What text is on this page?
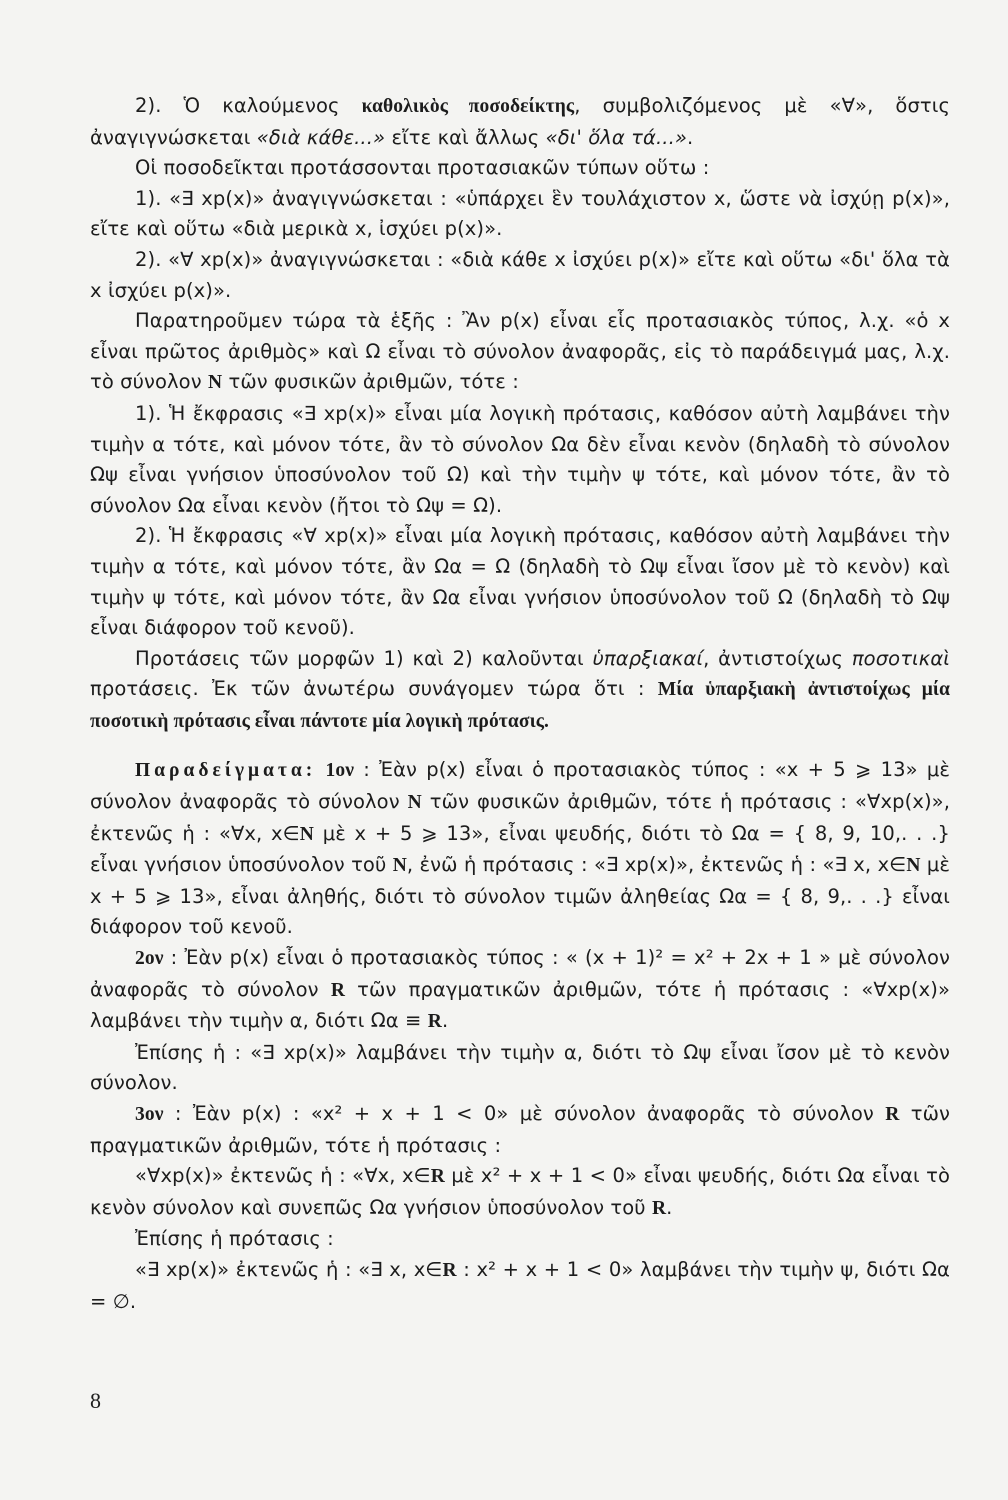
2). Ὁ καλούμενος καθολικὸς ποσοδείκτης, συμβολιζόμενος μὲ «∀», ὅστις ἀναγιγνώσκεται «διὰ κάθε...» εἴτε καὶ ἄλλως «δι' ὅλα τά...».

Οἱ ποσοδεῖκται προτάσσονται προτασιακῶν τύπων οὕτω :

1). «∃ xp(x)» ἀναγιγνώσκεται : «ὑπάρχει ἓν τουλάχιστον x, ὥστε νὰ ἰσχύῃ p(x)», εἴτε καὶ οὕτω «διὰ μερικὰ x, ἰσχύει p(x)».

2). «∀ xp(x)» ἀναγιγνώσκεται : «διὰ κάθε x ἰσχύει p(x)» εἴτε καὶ οὕτω «δι' ὅλα τὰ x ἰσχύει p(x)».

Παρατηροῦμεν τώρα τὰ ἑξῆς : Ἂν p(x) εἶναι εἷς προτασιακὸς τύπος, λ.χ. «ὁ x εἶναι πρῶτος ἀριθμὸς» καὶ Ω εἶναι τὸ σύνολον ἀναφορᾶς, εἰς τὸ παράδειγμά μας, λ.χ. τὸ σύνολον N τῶν φυσικῶν ἀριθμῶν, τότε :

1). Ἡ ἔκφρασις «∃ xp(x)» εἶναι μία λογικὴ πρότασις, καθόσον αὐτὴ λαμβάνει τὴν τιμὴν α τότε, καὶ μόνον τότε, ἂν τὸ σύνολον Ωα δὲν εἶναι κενὸν (δηλαδὴ τὸ σύνολον Ωψ εἶναι γνήσιον ὑποσύνολον τοῦ Ω) καὶ τὴν τιμὴν ψ τότε, καὶ μόνον τότε, ἂν τὸ σύνολον Ωα εἶναι κενὸν (ἤτοι τὸ Ωψ = Ω).

2). Ἡ ἔκφρασις «∀ xp(x)» εἶναι μία λογικὴ πρότασις, καθόσον αὐτὴ λαμβάνει τὴν τιμὴν α τότε, καὶ μόνον τότε, ἂν Ωα = Ω (δηλαδὴ τὸ Ωψ εἶναι ἴσον μὲ τὸ κενὸν) καὶ τιμὴν ψ τότε, καὶ μόνον τότε, ἂν Ωα εἶναι γνήσιον ὑποσύνολον τοῦ Ω (δηλαδὴ τὸ Ωψ εἶναι διάφορον τοῦ κενοῦ).

Προτάσεις τῶν μορφῶν 1) καὶ 2) καλοῦνται ὑπαρξιακαί, ἀντιστοίχως ποσοτικαὶ προτάσεις. Ἐκ τῶν ἀνωτέρω συνάγομεν τώρα ὅτι : Μία ὑπαρξιακὴ ἀντιστοίχως μία ποσοτικὴ πρότασις εἶναι πάντοτε μία λογικὴ πρότασις.

Παραδείγματα: 1ον : Ἐὰν p(x) εἶναι ὁ προτασιακὸς τύπος : «x + 5 ⩾ 13» μὲ σύνολον ἀναφορᾶς τὸ σύνολον N τῶν φυσικῶν ἀριθμῶν, τότε ἡ πρότασις : «∀xp(x)», ἐκτενῶς ἡ : «∀x, x∈N μὲ x + 5 ⩾ 13», εἶναι ψευδής, διότι τὸ Ωα = { 8, 9, 10,. . .} εἶναι γνήσιον ὑποσύνολον τοῦ N, ἐνῶ ἡ πρότασις : «∃ xp(x)», ἐκτενῶς ἡ : «∃ x, x∈N μὲ x + 5 ⩾ 13», εἶναι ἀληθής, διότι τὸ σύνολον τιμῶν ἀληθείας Ωα = { 8, 9,. . .} εἶναι διάφορον τοῦ κενοῦ.

2ον : Ἐὰν p(x) εἶναι ὁ προτασιακὸς τύπος : « (x + 1)² = x² + 2x + 1 » μὲ σύνολον ἀναφορᾶς τὸ σύνολον R τῶν πραγματικῶν ἀριθμῶν, τότε ἡ πρότασις : «∀xp(x)» λαμβάνει τὴν τιμὴν α, διότι Ωα ≡ R.

Ἐπίσης ἡ : «∃ xp(x)» λαμβάνει τὴν τιμὴν α, διότι τὸ Ωψ εἶναι ἴσον μὲ τὸ κενὸν σύνολον.

3ον : Ἐὰν p(x) : «x² + x + 1 < 0» μὲ σύνολον ἀναφορᾶς τὸ σύνολον R τῶν πραγματικῶν ἀριθμῶν, τότε ἡ πρότασις :

«∀xp(x)» ἐκτενῶς ἡ : «∀x, x∈R μὲ x² + x + 1 < 0» εἶναι ψευδής, διότι Ωα εἶναι τὸ κενὸν σύνολον καὶ συνεπῶς Ωα γνήσιον ὑποσύνολον τοῦ R.

Ἐπίσης ἡ πρότασις :

«∃ xp(x)» ἐκτενῶς ἡ : «∃ x, x∈R : x² + x + 1 < 0» λαμβάνει τὴν τιμὴν ψ, διότι Ωα = ∅.

8
